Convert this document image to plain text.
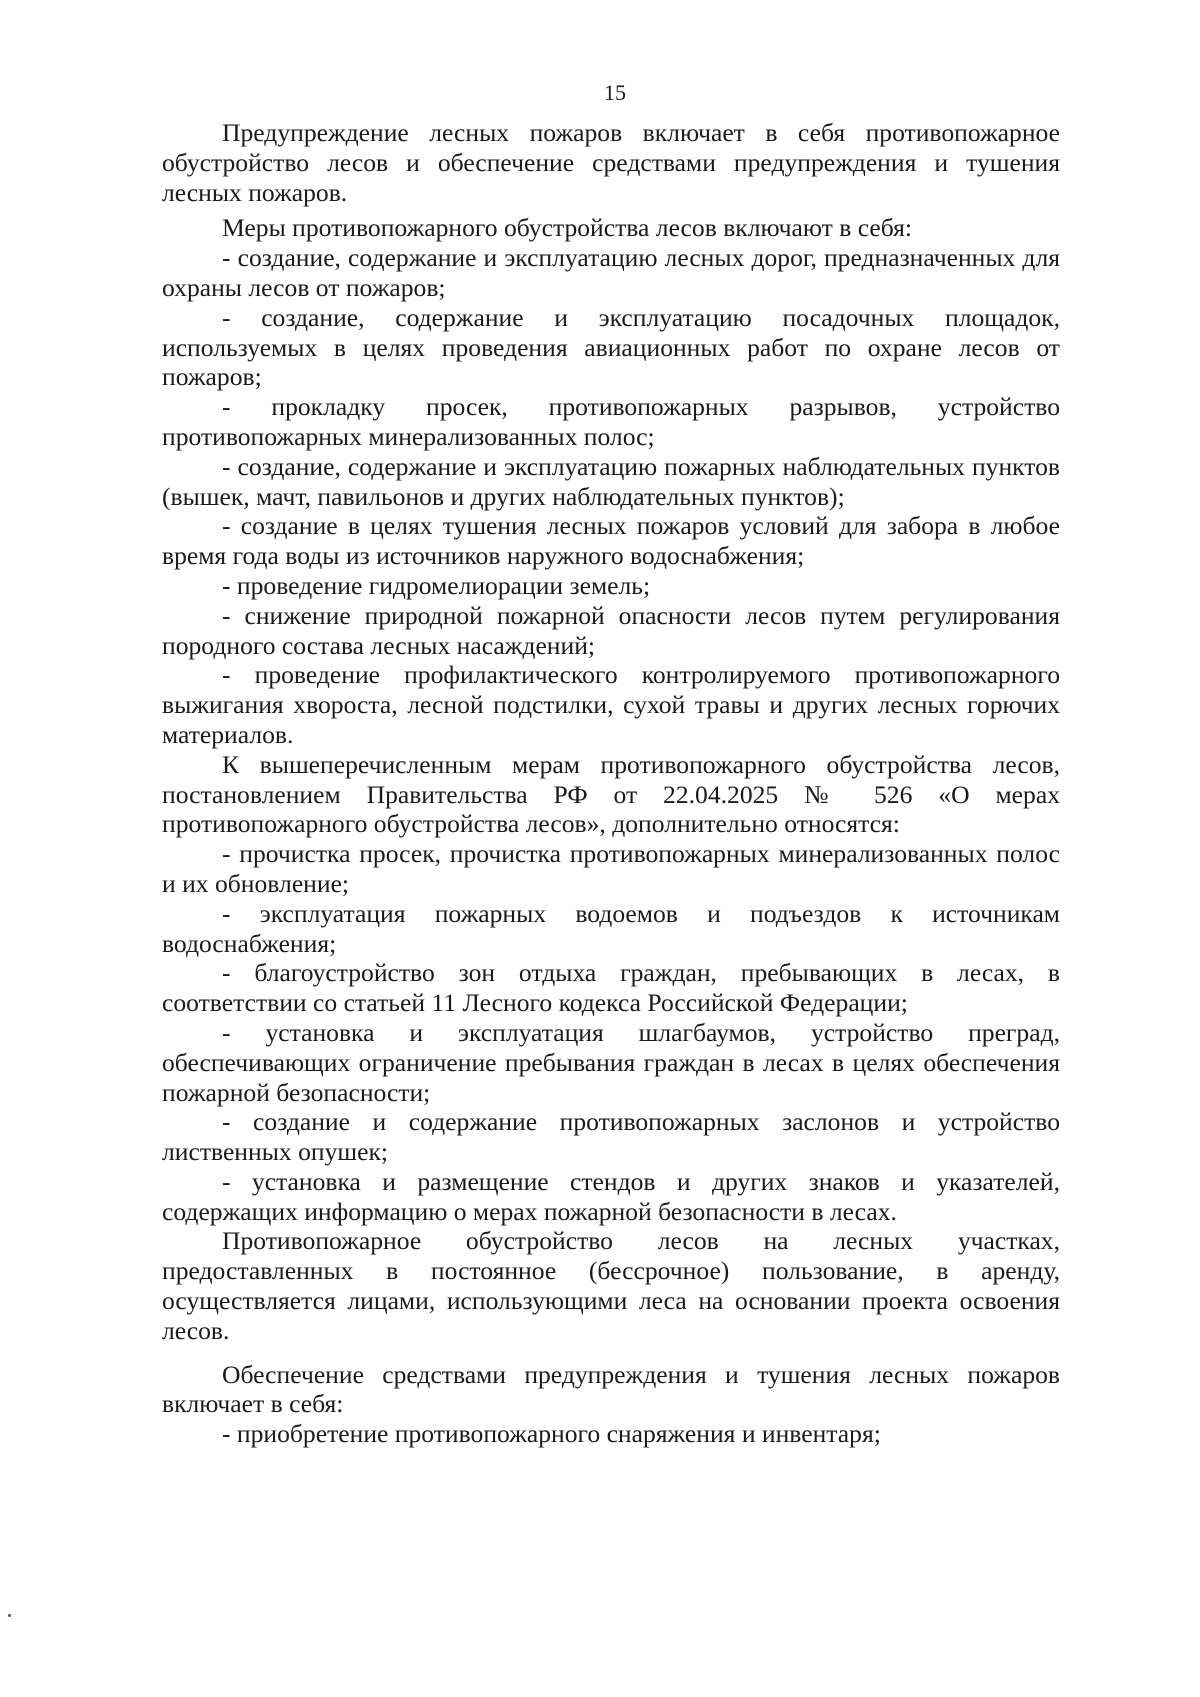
15

Предупреждение лесных пожаров включает в себя противопожарное обустройство лесов и обеспечение средствами предупреждения и тушения лесных пожаров.

Меры противопожарного обустройства лесов включают в себя:

- создание, содержание и эксплуатацию лесных дорог, предназначенных для охраны лесов от пожаров;

- создание, содержание и эксплуатацию посадочных площадок, используемых в целях проведения авиационных работ по охране лесов от пожаров;

- прокладку просек, противопожарных разрывов, устройство противопожарных минерализованных полос;

- создание, содержание и эксплуатацию пожарных наблюдательных пунктов (вышек, мачт, павильонов и других наблюдательных пунктов);

- создание в целях тушения лесных пожаров условий для забора в любое время года воды из источников наружного водоснабжения;

- проведение гидромелиорации земель;

- снижение природной пожарной опасности лесов путем регулирования породного состава лесных насаждений;

- проведение профилактического контролируемого противопожарного выжигания хвороста, лесной подстилки, сухой травы и других лесных горючих материалов.

К вышеперечисленным мерам противопожарного обустройства лесов, постановлением Правительства РФ от 22.04.2025 № 526 «О мерах противопожарного обустройства лесов», дополнительно относятся:

- прочистка просек, прочистка противопожарных минерализованных полос и их обновление;

- эксплуатация пожарных водоемов и подъездов к источникам водоснабжения;

- благоустройство зон отдыха граждан, пребывающих в лесах, в соответствии со статьей 11 Лесного кодекса Российской Федерации;

- установка и эксплуатация шлагбаумов, устройство преград, обеспечивающих ограничение пребывания граждан в лесах в целях обеспечения пожарной безопасности;

- создание и содержание противопожарных заслонов и устройство лиственных опушек;

- установка и размещение стендов и других знаков и указателей, содержащих информацию о мерах пожарной безопасности в лесах.

Противопожарное обустройство лесов на лесных участках, предоставленных в постоянное (бессрочное) пользование, в аренду, осуществляется лицами, использующими леса на основании проекта освоения лесов.

Обеспечение средствами предупреждения и тушения лесных пожаров включает в себя:

- приобретение противопожарного снаряжения и инвентаря;
